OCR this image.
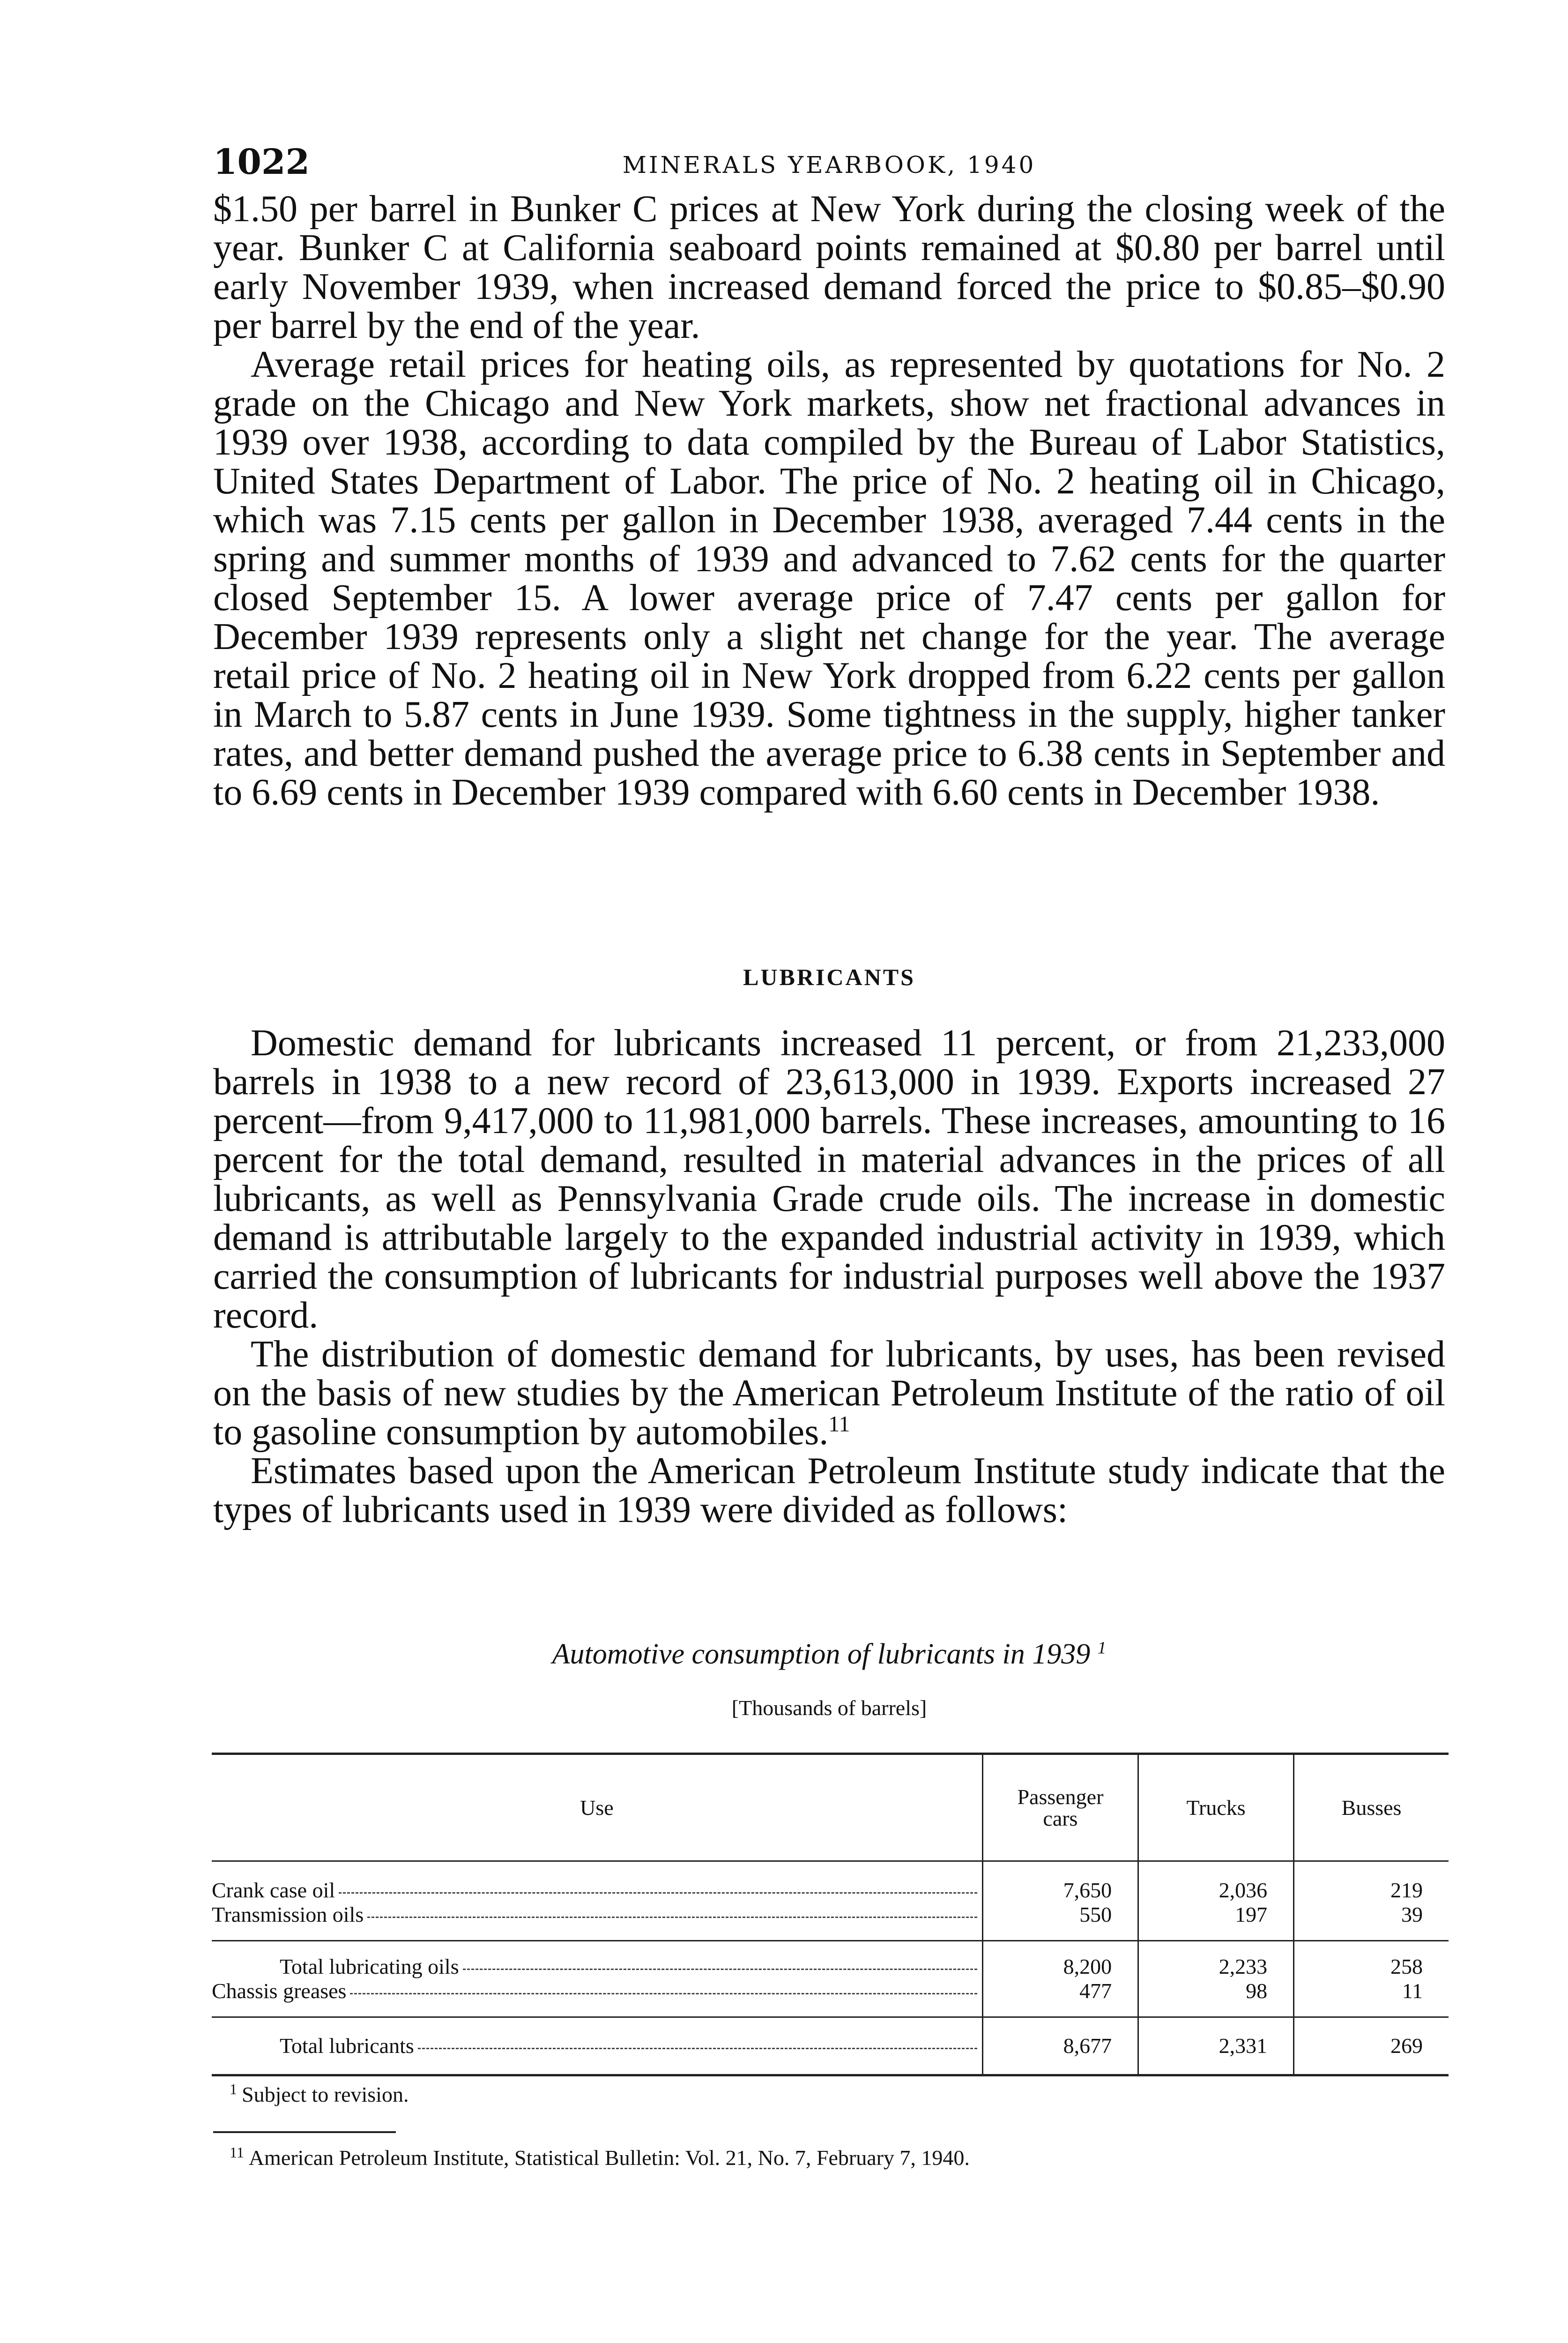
1022	MINERALS YEARBOOK, 1940

$1.50 per barrel in Bunker C prices at New York during the closing week of the year. Bunker C at California seaboard points remained at $0.80 per barrel until early November 1939, when increased demand forced the price to $0.85–$0.90 per barrel by the end of the year.

Average retail prices for heating oils, as represented by quotations for No. 2 grade on the Chicago and New York markets, show net fractional advances in 1939 over 1938, according to data compiled by the Bureau of Labor Statistics, United States Department of Labor. The price of No. 2 heating oil in Chicago, which was 7.15 cents per gallon in December 1938, averaged 7.44 cents in the spring and summer months of 1939 and advanced to 7.62 cents for the quarter closed September 15. A lower average price of 7.47 cents per gallon for December 1939 represents only a slight net change for the year. The average retail price of No. 2 heating oil in New York dropped from 6.22 cents per gallon in March to 5.87 cents in June 1939. Some tightness in the supply, higher tanker rates, and better demand pushed the average price to 6.38 cents in September and to 6.69 cents in December 1939 compared with 6.60 cents in December 1938.

LUBRICANTS

Domestic demand for lubricants increased 11 percent, or from 21,233,000 barrels in 1938 to a new record of 23,613,000 in 1939. Exports increased 27 percent—from 9,417,000 to 11,981,000 barrels. These increases, amounting to 16 percent for the total demand, resulted in material advances in the prices of all lubricants, as well as Pennsylvania Grade crude oils. The increase in domestic demand is attributable largely to the expanded industrial activity in 1939, which carried the consumption of lubricants for industrial purposes well above the 1937 record.

The distribution of domestic demand for lubricants, by uses, has been revised on the basis of new studies by the American Petroleum Institute of the ratio of oil to gasoline consumption by automobiles.$^{11}$

Estimates based upon the American Petroleum Institute study indicate that the types of lubricants used in 1939 were divided as follows:

Automotive consumption of lubricants in 1939 $^1$
[Thousands of barrels]
Use	Passenger cars	Trucks	Busses

Crank case oil	7,650	2,036	219

Transmission oils	550	197	39

Total lubricating oils	8,200	2,233	258

Chassis greases	477	98	11

Total lubricants	8,677	2,331	269
$^1$ Subject to revision.
$^{11}$ American Petroleum Institute, Statistical Bulletin: Vol. 21, No. 7, February 7, 1940.
